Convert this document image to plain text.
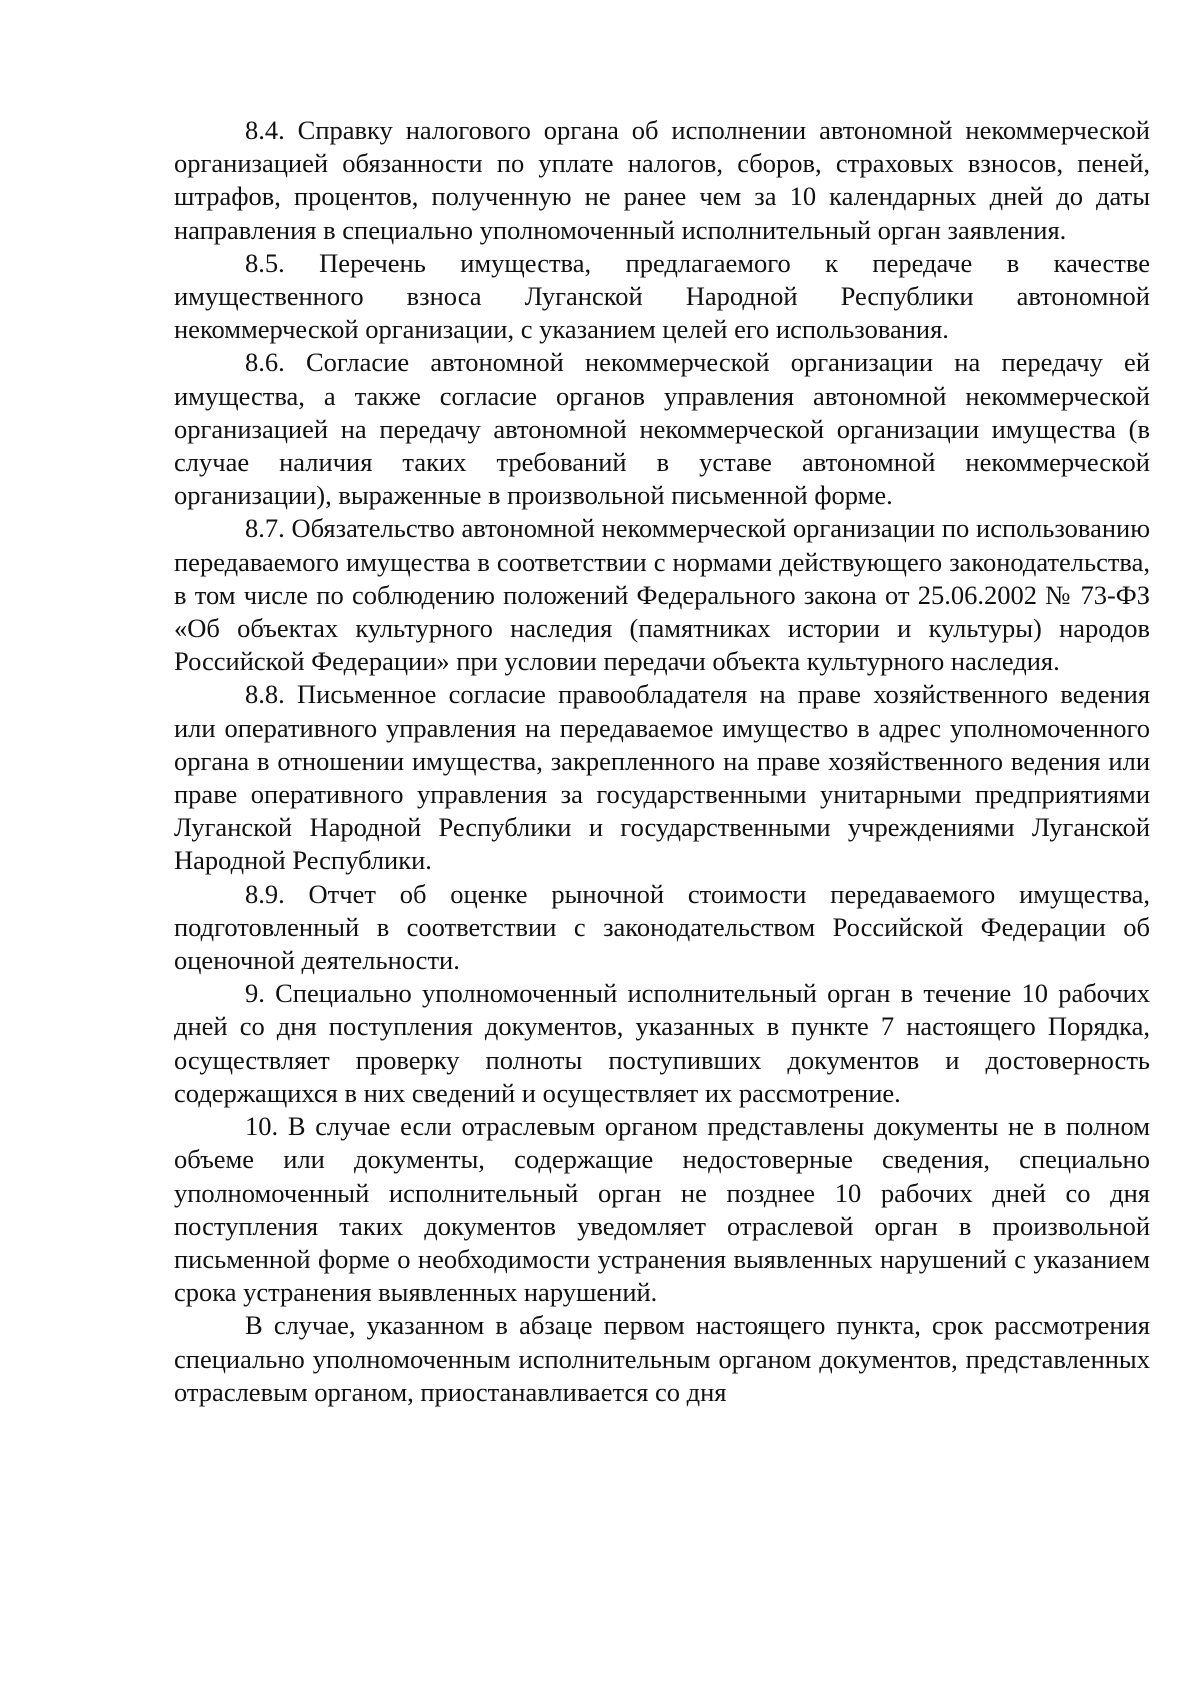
8.4. Справку налогового органа об исполнении автономной некоммерческой организацией обязанности по уплате налогов, сборов, страховых взносов, пеней, штрафов, процентов, полученную не ранее чем за 10 календарных дней до даты направления в специально уполномоченный исполнительный орган заявления.

8.5. Перечень имущества, предлагаемого к передаче в качестве имущественного взноса Луганской Народной Республики автономной некоммерческой организации, с указанием целей его использования.

8.6. Согласие автономной некоммерческой организации на передачу ей имущества, а также согласие органов управления автономной некоммерческой организацией на передачу автономной некоммерческой организации имущества (в случае наличия таких требований в уставе автономной некоммерческой организации), выраженные в произвольной письменной форме.

8.7. Обязательство автономной некоммерческой организации по использованию передаваемого имущества в соответствии с нормами действующего законодательства, в том числе по соблюдению положений Федерального закона от 25.06.2002 № 73-ФЗ «Об объектах культурного наследия (памятниках истории и культуры) народов Российской Федерации» при условии передачи объекта культурного наследия.

8.8. Письменное согласие правообладателя на праве хозяйственного ведения или оперативного управления на передаваемое имущество в адрес уполномоченного органа в отношении имущества, закрепленного на праве хозяйственного ведения или праве оперативного управления за государственными унитарными предприятиями Луганской Народной Республики и государственными учреждениями Луганской Народной Республики.

8.9. Отчет об оценке рыночной стоимости передаваемого имущества, подготовленный в соответствии с законодательством Российской Федерации об оценочной деятельности.

9. Специально уполномоченный исполнительный орган в течение 10 рабочих дней со дня поступления документов, указанных в пункте 7 настоящего Порядка, осуществляет проверку полноты поступивших документов и достоверность содержащихся в них сведений и осуществляет их рассмотрение.

10. В случае если отраслевым органом представлены документы не в полном объеме или документы, содержащие недостоверные сведения, специально уполномоченный исполнительный орган не позднее 10 рабочих дней со дня поступления таких документов уведомляет отраслевой орган в произвольной письменной форме о необходимости устранения выявленных нарушений с указанием срока устранения выявленных нарушений.

В случае, указанном в абзаце первом настоящего пункта, срок рассмотрения специально уполномоченным исполнительным органом документов, представленных отраслевым органом, приостанавливается со дня
